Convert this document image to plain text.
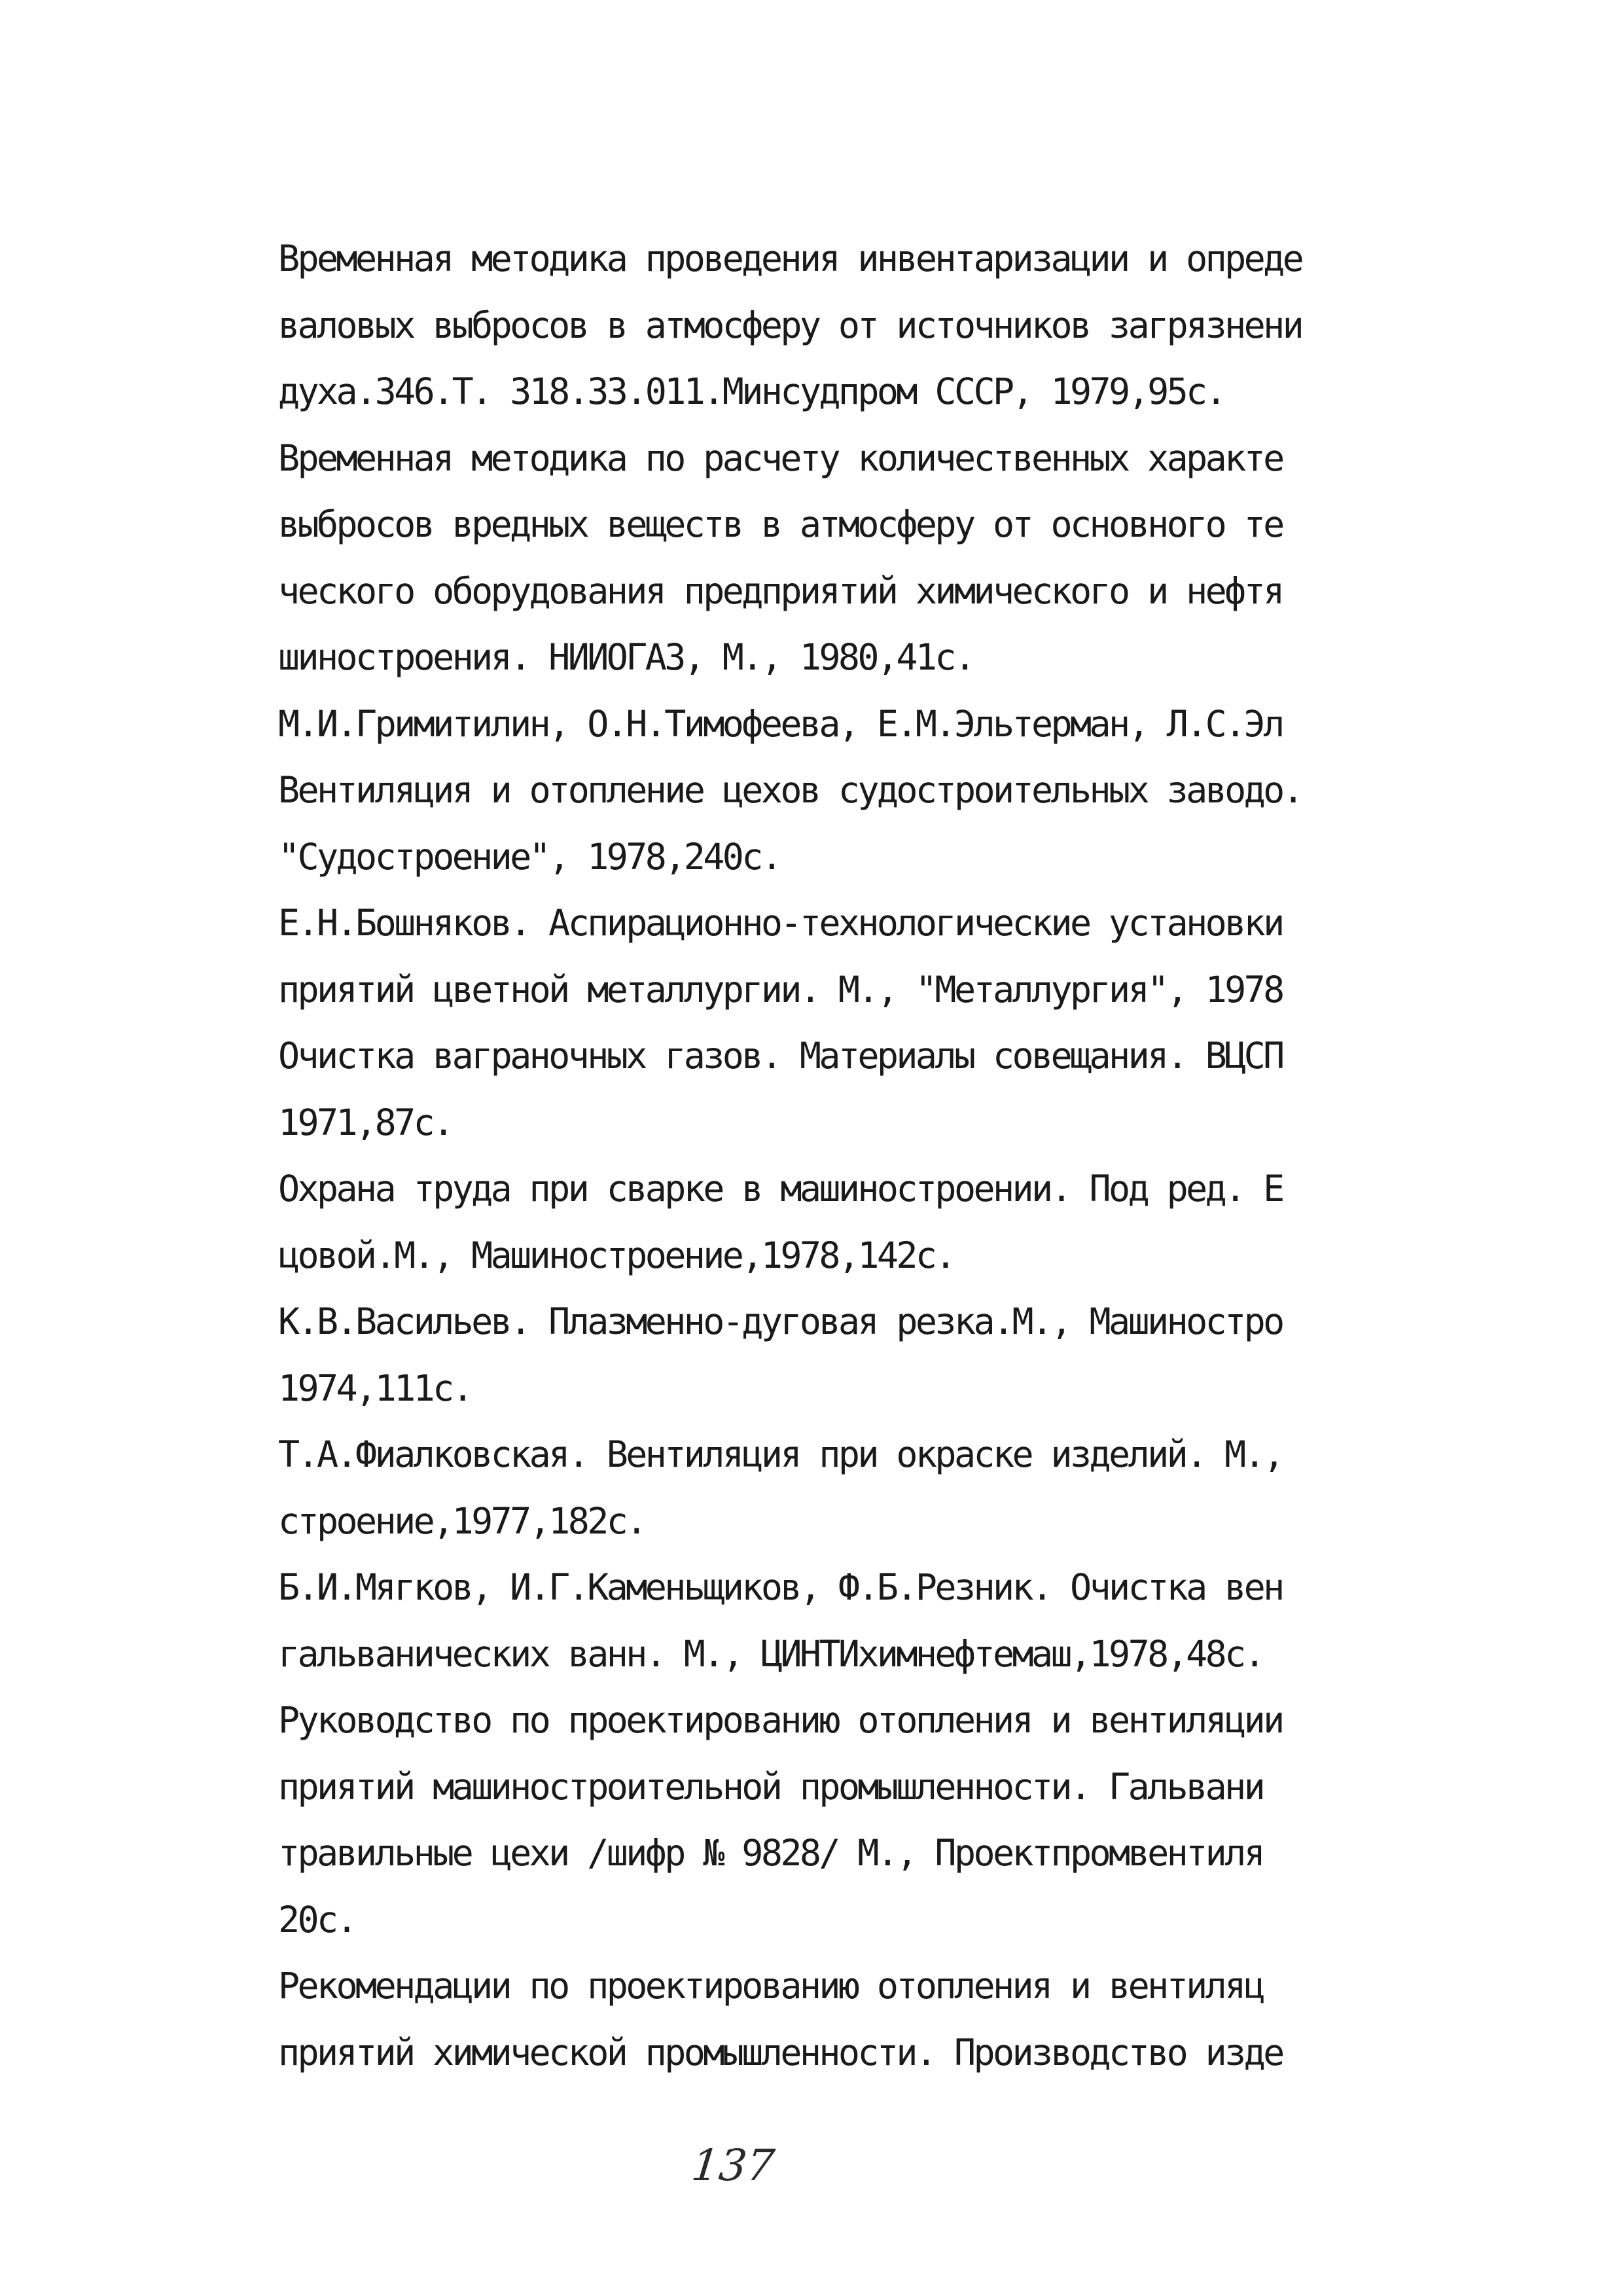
Временная методика проведения инвентаризации и опреде
валовых выбросов в атмосферу от источников загрязнени
духа.346.Т. 318.33.011.Минсудпром СССР, 1979,95с.
Временная методика по расчету количественных характе
выбросов вредных веществ в атмосферу от основного те
ческого оборудования предприятий химического и нефтя
шиностроения. НИИОГАЗ, М., 1980,41с.
М.И.Гримитилин, О.Н.Тимофеева, Е.М.Эльтерман, Л.С.Эл
Вентиляция и отопление цехов судостроительных заводо.
"Судостроение", 1978,240с.
Е.Н.Бошняков. Аспирационно-технологические установки
приятий цветной металлургии. М., "Металлургия", 1978
Очистка ваграночных газов. Материалы совещания. ВЦСП
1971,87с.
Охрана труда при сварке в машиностроении. Под ред. Е
цовой.М., Машиностроение,1978,142с.
К.В.Васильев. Плазменно-дуговая резка.М., Машиностро
1974,111с.
Т.А.Фиалковская. Вентиляция при окраске изделий. М.,
строение,1977,182с.
Б.И.Мягков, И.Г.Каменьщиков, Ф.Б.Резник. Очистка вен
гальванических ванн. М., ЦИНТИхимнефтемаш,1978,48с.
Руководство по проектированию отопления и вентиляции
приятий машиностроительной промышленности. Гальвани
травильные цехи /шифр № 9828/ М., Проектпромвентиля
20с.
Рекомендации по проектированию отопления и вентиляц
приятий химической промышленности. Производство изде
137
